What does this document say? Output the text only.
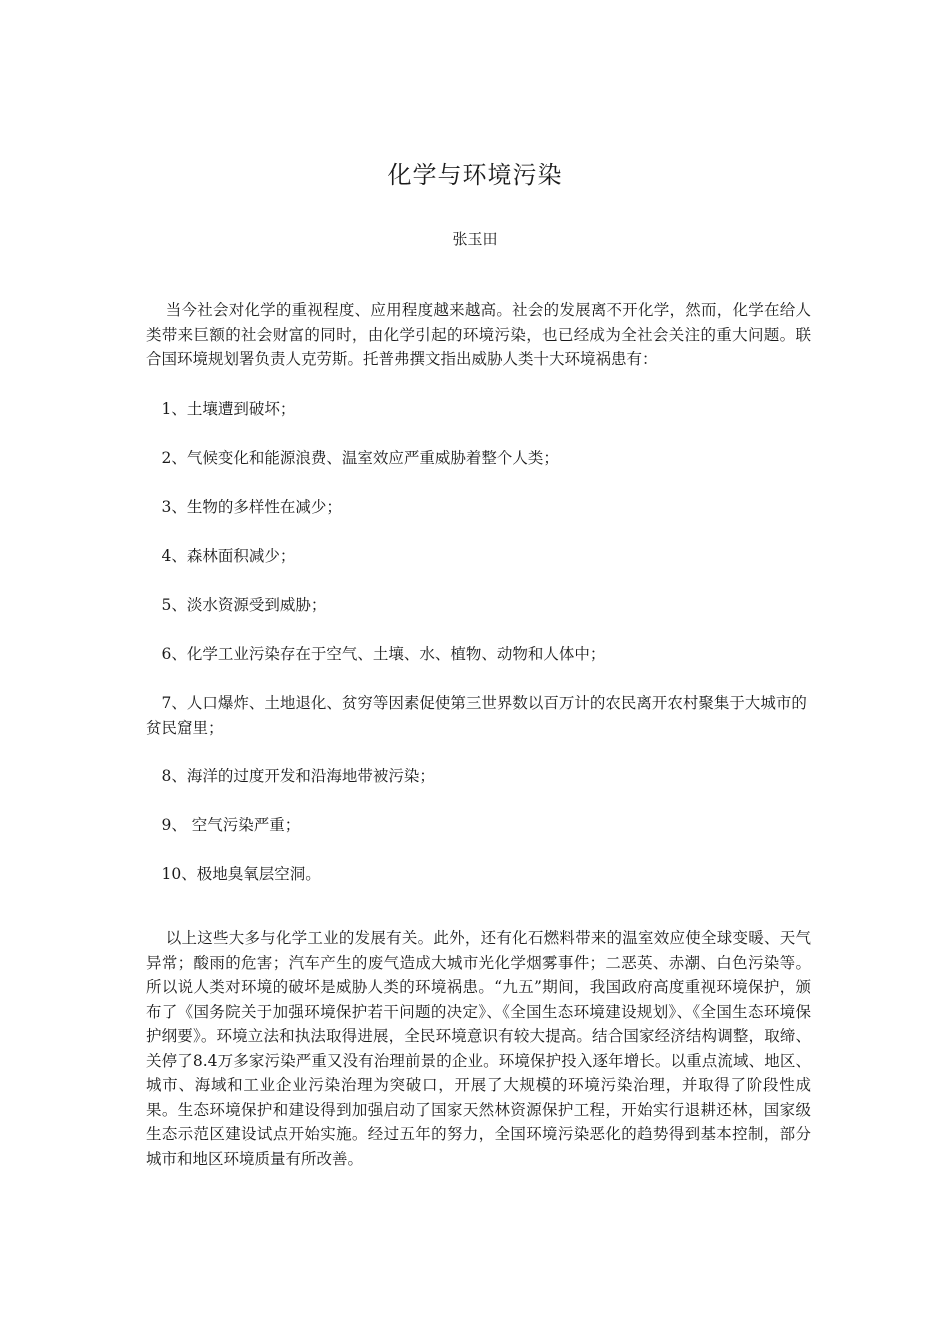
化学与环境污染
张玉田

当今社会对化学的重视程度、应用程度越来越高。社会的发展离不开化学，然而，化学在给人类带来巨额的社会财富的同时，由化学引起的环境污染，也已经成为全社会关注的重大问题。联合国环境规划署负责人克劳斯。托普弗撰文指出威胁人类十大环境祸患有：

1、土壤遭到破坏；
2、气候变化和能源浪费、温室效应严重威胁着整个人类；
3、生物的多样性在减少；
4、森林面积减少；
5、淡水资源受到威胁；
6、化学工业污染存在于空气、土壤、水、植物、动物和人体中；
7、人口爆炸、土地退化、贫穷等因素促使第三世界数以百万计的农民离开农村聚集于大城市的贫民窟里；
8、海洋的过度开发和沿海地带被污染；
9、 空气污染严重；
10、极地臭氧层空洞。

以上这些大多与化学工业的发展有关。此外，还有化石燃料带来的温室效应使全球变暖、天气异常；酸雨的危害；汽车产生的废气造成大城市光化学烟雾事件；二恶英、赤潮、白色污染等。所以说人类对环境的破坏是威胁人类的环境祸患。“九五”期间，我国政府高度重视环境保护，颁布了《国务院关于加强环境保护若干问题的决定》、《全国生态环境建设规划》、《全国生态环境保护纲要》。环境立法和执法取得进展，全民环境意识有较大提高。结合国家经济结构调整，取缔、关停了8.4万多家污染严重又没有治理前景的企业。环境保护投入逐年增长。以重点流域、地区、城市、海域和工业企业污染治理为突破口，开展了大规模的环境污染治理，并取得了阶段性成果。生态环境保护和建设得到加强启动了国家天然林资源保护工程，开始实行退耕还林，国家级生态示范区建设试点开始实施。经过五年的努力，全国环境污染恶化的趋势得到基本控制，部分城市和地区环境质量有所改善。
